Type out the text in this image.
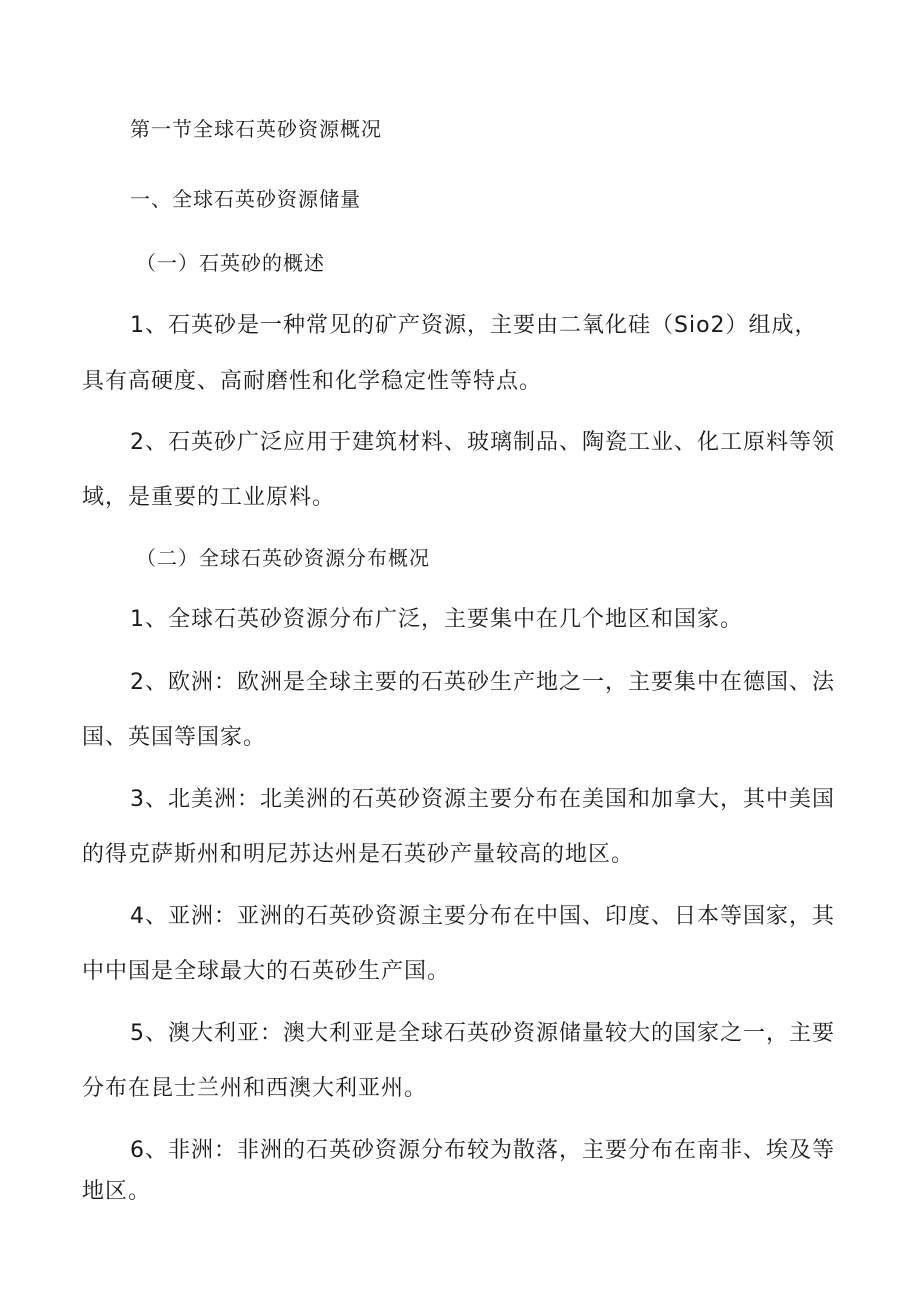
第一节全球石英砂资源概况
一、全球石英砂资源储量
（一）石英砂的概述
1、石英砂是一种常见的矿产资源，主要由二氧化硅（Sio2）组成，
具有高硬度、高耐磨性和化学稳定性等特点。
2、石英砂广泛应用于建筑材料、玻璃制品、陶瓷工业、化工原料等领
域，是重要的工业原料。
（二）全球石英砂资源分布概况
1、全球石英砂资源分布广泛，主要集中在几个地区和国家。
2、欧洲：欧洲是全球主要的石英砂生产地之一，主要集中在德国、法
国、英国等国家。
3、北美洲：北美洲的石英砂资源主要分布在美国和加拿大，其中美国
的得克萨斯州和明尼苏达州是石英砂产量较高的地区。
4、亚洲：亚洲的石英砂资源主要分布在中国、印度、日本等国家，其
中中国是全球最大的石英砂生产国。
5、澳大利亚：澳大利亚是全球石英砂资源储量较大的国家之一，主要
分布在昆士兰州和西澳大利亚州。
6、非洲：非洲的石英砂资源分布较为散落，主要分布在南非、埃及等
地区。
